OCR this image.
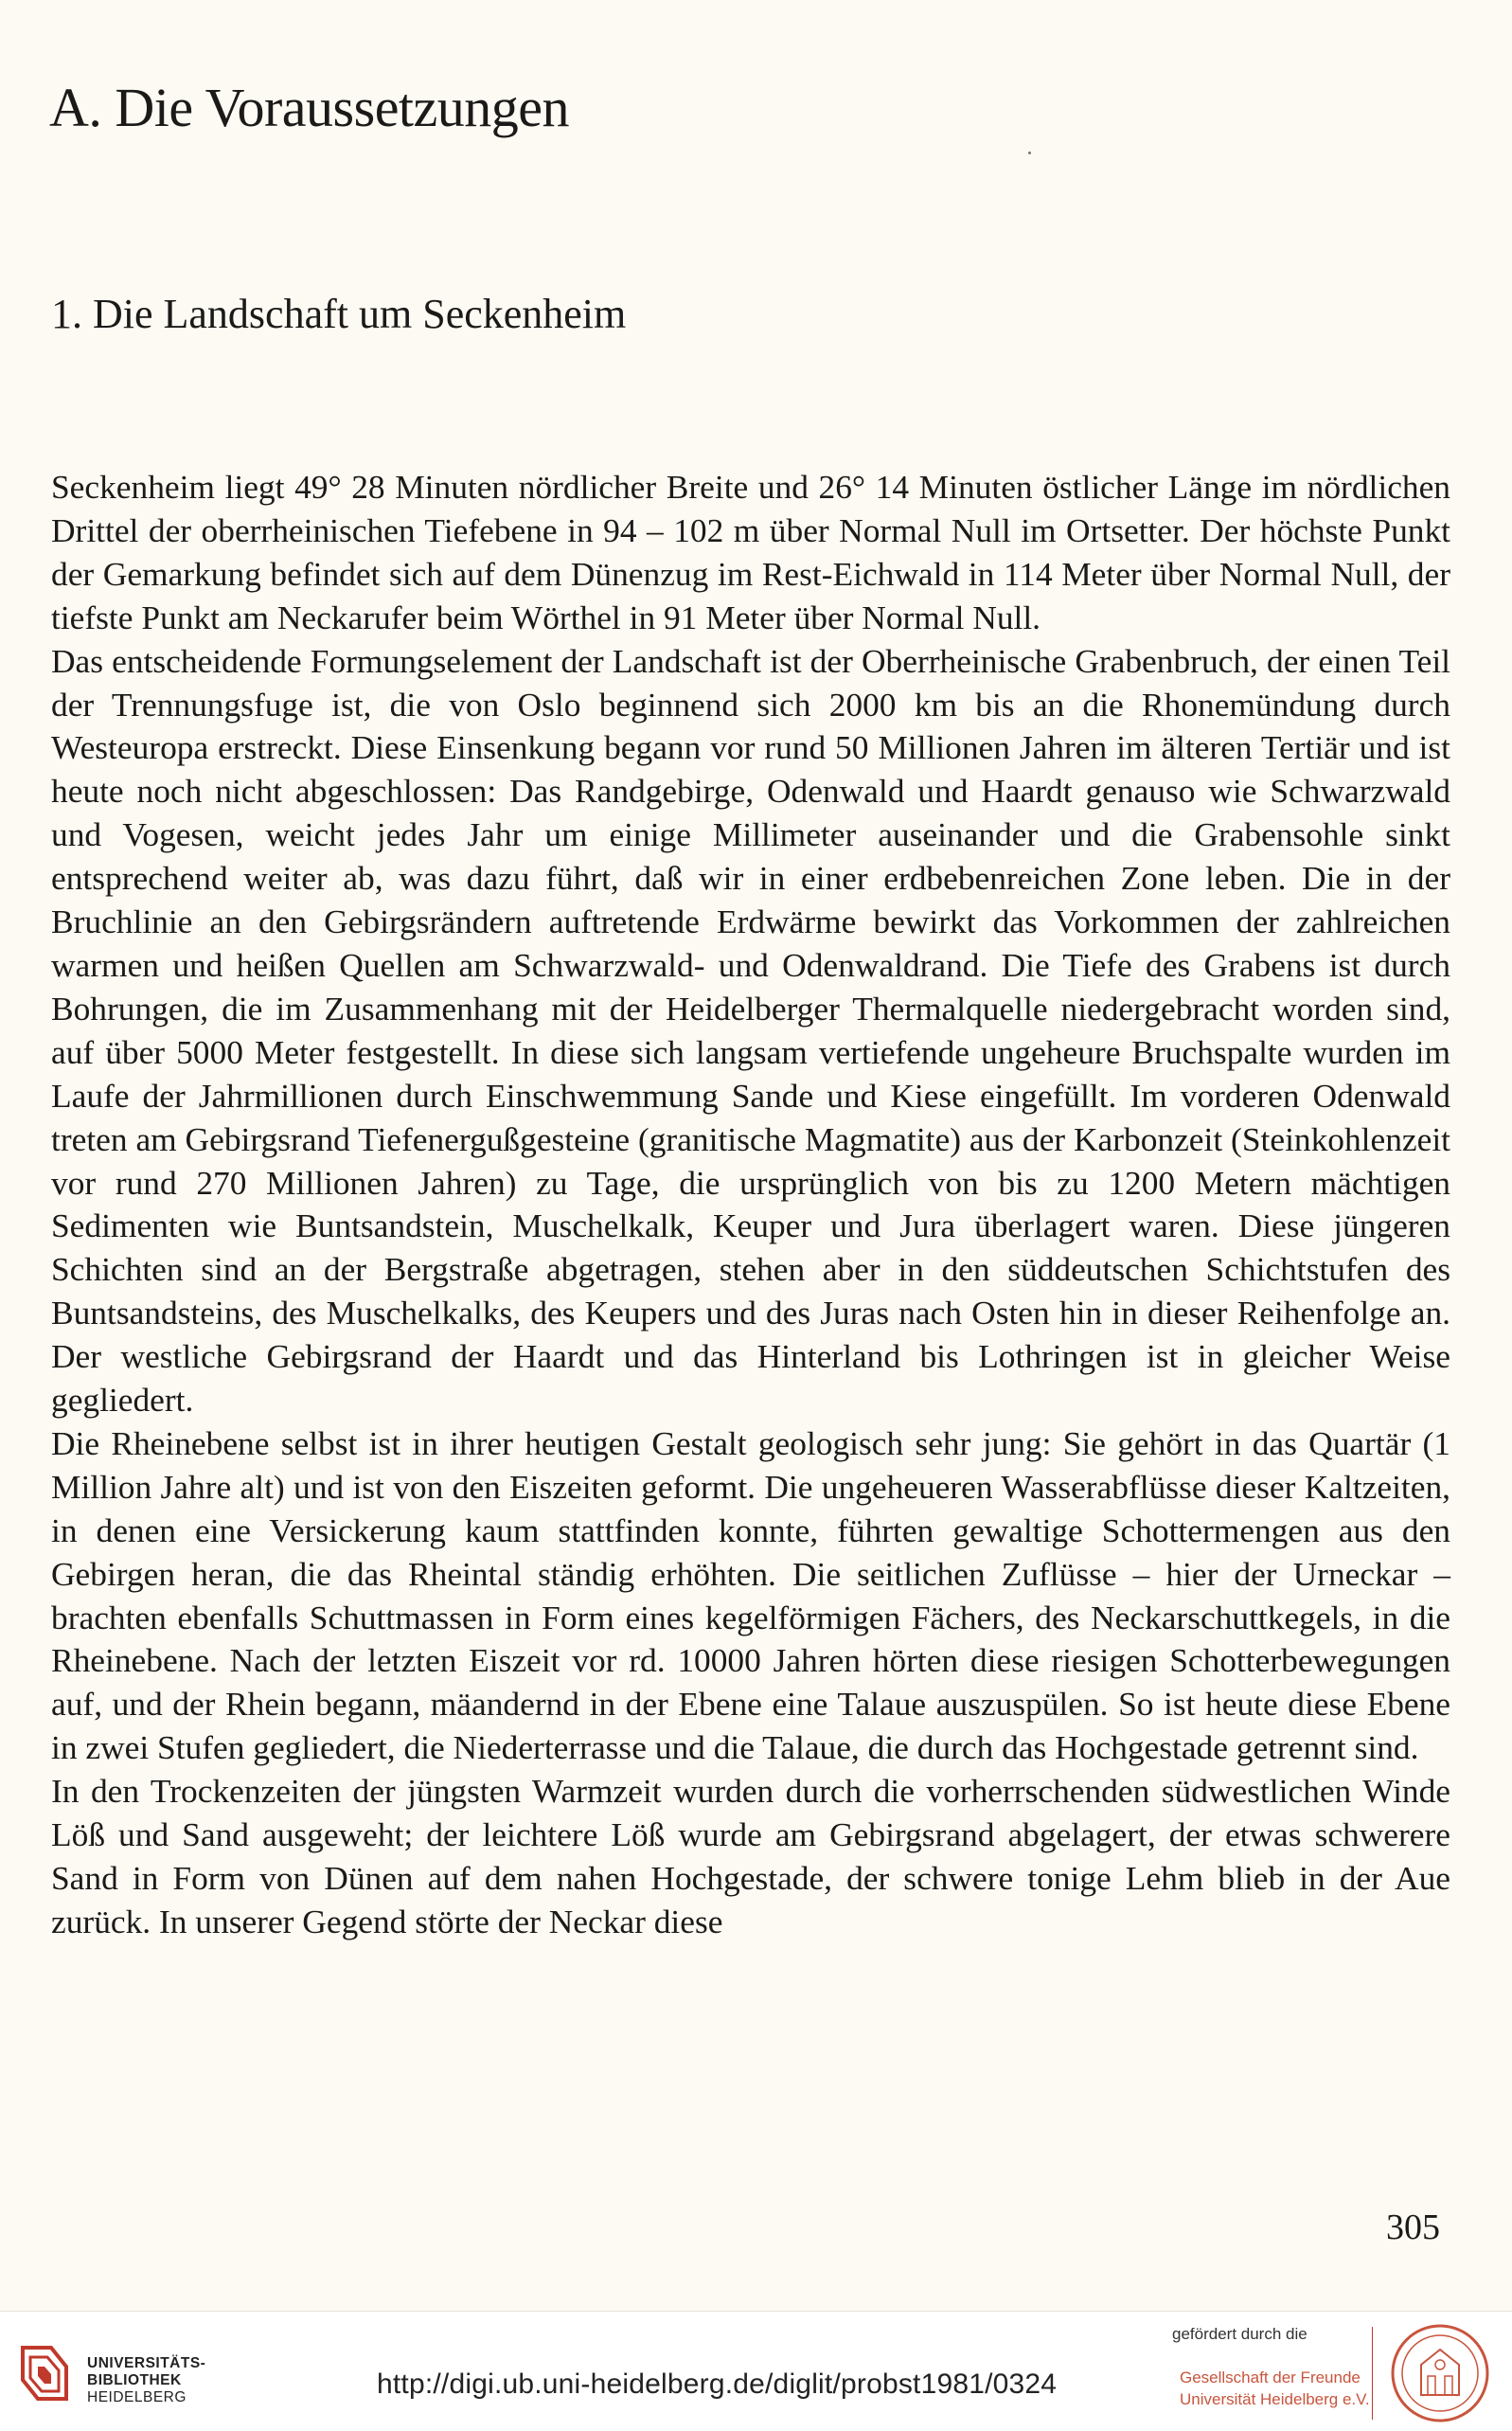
A. Die Voraussetzungen
1. Die Landschaft um Seckenheim

Seckenheim liegt 49° 28 Minuten nördlicher Breite und 26° 14 Minuten östlicher Länge im nördlichen Drittel der oberrheinischen Tiefebene in 94 – 102 m über Normal Null im Ortsetter. Der höchste Punkt der Gemarkung befindet sich auf dem Dünenzug im Rest-Eichwald in 114 Meter über Normal Null, der tiefste Punkt am Neckarufer beim Wörthel in 91 Meter über Normal Null.

Das entscheidende Formungselement der Landschaft ist der Oberrheinische Grabenbruch, der einen Teil der Trennungsfuge ist, die von Oslo beginnend sich 2000 km bis an die Rhonemündung durch Westeuropa erstreckt. Diese Einsenkung begann vor rund 50 Millionen Jahren im älteren Tertiär und ist heute noch nicht abgeschlossen: Das Randgebirge, Odenwald und Haardt genauso wie Schwarzwald und Vogesen, weicht jedes Jahr um einige Millimeter auseinander und die Grabensohle sinkt entsprechend weiter ab, was dazu führt, daß wir in einer erdbebenreichen Zone leben. Die in der Bruchlinie an den Gebirgsrändern auftretende Erdwärme bewirkt das Vorkommen der zahlreichen warmen und heißen Quellen am Schwarzwald- und Odenwaldrand. Die Tiefe des Grabens ist durch Bohrungen, die im Zusammenhang mit der Heidelberger Thermalquelle niedergebracht worden sind, auf über 5000 Meter festgestellt. In diese sich langsam vertiefende ungeheure Bruchspalte wurden im Laufe der Jahrmillionen durch Einschwemmung Sande und Kiese eingefüllt. Im vorderen Odenwald treten am Gebirgsrand Tiefenergußgesteine (granitische Magmatite) aus der Karbonzeit (Steinkohlenzeit vor rund 270 Millionen Jahren) zu Tage, die ursprünglich von bis zu 1200 Metern mächtigen Sedimenten wie Buntsandstein, Muschelkalk, Keuper und Jura überlagert waren. Diese jüngeren Schichten sind an der Bergstraße abgetragen, stehen aber in den süddeutschen Schichtstufen des Buntsandsteins, des Muschelkalks, des Keupers und des Juras nach Osten hin in dieser Reihenfolge an. Der westliche Gebirgsrand der Haardt und das Hinterland bis Lothringen ist in gleicher Weise gegliedert.

Die Rheinebene selbst ist in ihrer heutigen Gestalt geologisch sehr jung: Sie gehört in das Quartär (1 Million Jahre alt) und ist von den Eiszeiten geformt. Die ungeheueren Wasserabflüsse dieser Kaltzeiten, in denen eine Versickerung kaum stattfinden konnte, führten gewaltige Schottermengen aus den Gebirgen heran, die das Rheintal ständig erhöhten. Die seitlichen Zuflüsse – hier der Urneckar – brachten ebenfalls Schuttmassen in Form eines kegelförmigen Fächers, des Neckarschuttkegels, in die Rheinebene. Nach der letzten Eiszeit vor rd. 10000 Jahren hörten diese riesigen Schotterbewegungen auf, und der Rhein begann, mäandernd in der Ebene eine Talaue auszuspülen. So ist heute diese Ebene in zwei Stufen gegliedert, die Niederterrasse und die Talaue, die durch das Hochgestade getrennt sind.

In den Trockenzeiten der jüngsten Warmzeit wurden durch die vorherrschenden südwestlichen Winde Löß und Sand ausgeweht; der leichtere Löß wurde am Gebirgsrand abgelagert, der etwas schwerere Sand in Form von Dünen auf dem nahen Hochgestade, der schwere tonige Lehm blieb in der Aue zurück. In unserer Gegend störte der Neckar diese

305
UNIVERSITÄTS-
BIBLIOTHEK
HEIDELBERG	http://digi.ub.uni-heidelberg.de/diglit/probst1981/0324
gefördert durch die
Gesellschaft der Freunde
Universität Heidelberg e.V.
